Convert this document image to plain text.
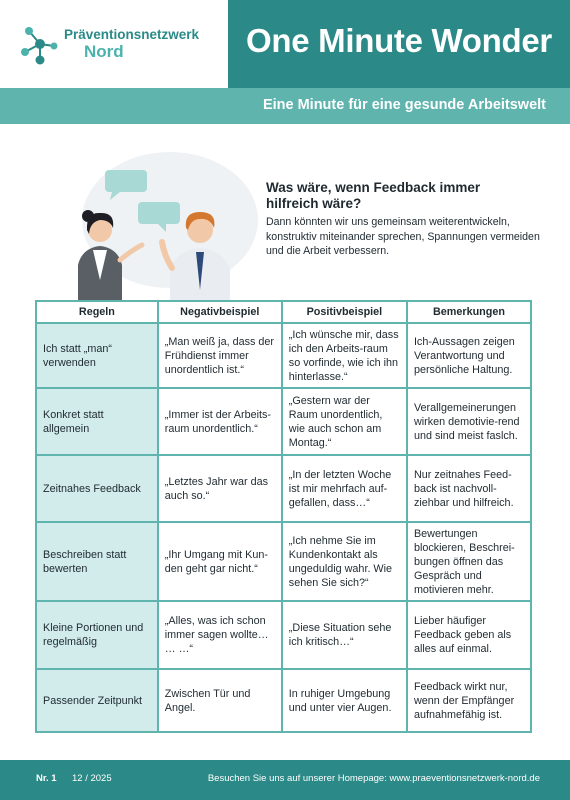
Präventionsnetzwerk
Nord	One Minute Wonder
Eine Minute für eine gesunde Arbeitswelt
Was wäre, wenn Feedback immer hilfreich wäre?
Dann könnten wir uns gemeinsam weiterentwickeln, konstruktiv miteinander sprechen, Spannungen vermeiden und die Arbeit verbessern.
Regeln	Negativbeispiel	Positivbeispiel	Bemerkungen
Ich statt „man“ verwenden	„Man weiß ja, dass der Frühdienst immer unordentlich ist.“	„Ich wünsche mir, dass ich den Arbeits-raum so vorfinde, wie ich ihn hinterlasse.“	Ich-Aussagen zeigen Verantwortung und persönliche Haltung.
Konkret statt allgemein	„Immer ist der Arbeits-raum unordentlich.“	„Gestern war der Raum unordentlich, wie auch schon am Montag.“	Verallgemeinerungen wirken demotivie-rend und sind meist faslch.
Zeitnahes Feedback	„Letztes Jahr war das auch so.“	„In der letzten Woche ist mir mehrfach auf-gefallen, dass…“	Nur zeitnahes Feed-back ist nachvoll-ziehbar und hilfreich.
Beschreiben statt bewerten	„Ihr Umgang mit Kun-den geht gar nicht.“	„Ich nehme Sie im Kundenkontakt als ungeduldig wahr. Wie sehen Sie sich?“	Bewertungen blockieren, Beschrei-bungen öffnen das Gespräch und motivieren mehr.
Kleine Portionen und regelmäßig	„Alles, was ich schon immer sagen wollte… … …“	„Diese Situation sehe ich kritisch…“	Lieber häufiger Feedback geben als alles auf einmal.
Passender Zeitpunkt	Zwischen Tür und Angel.	In ruhiger Umgebung und unter vier Augen.	Feedback wirkt nur, wenn der Empfänger aufnahmefähig ist.
Nr. 1 12 / 2025	Besuchen Sie uns auf unserer Homepage: www.praeventionsnetzwerk-nord.de
